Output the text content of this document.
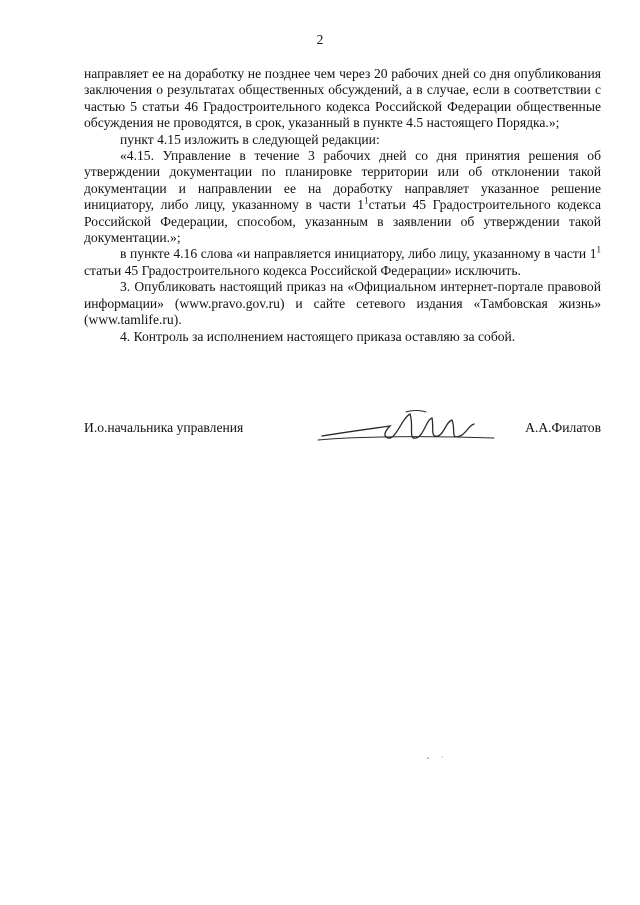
2

направляет ее на доработку не позднее чем через 20 рабочих дней со дня опубликования заключения о результатах общественных обсуждений, а в случае, если в соответствии с частью 5 статьи 46 Градостроительного кодекса Российской Федерации общественные обсуждения не проводятся, в срок, указанный в пункте 4.5 настоящего Порядка.»;

пункт 4.15 изложить в следующей редакции:

«4.15. Управление в течение 3 рабочих дней со дня принятия решения об утверждении документации по планировке территории или об отклонении такой документации и направлении ее на доработку направляет указанное решение инициатору, либо лицу, указанному в части $1^1статьи$ 45 Градостроительного кодекса Российской Федерации, способом, указанным в заявлении об утверждении такой документации.»;

в пункте 4.16 слова «и направляется инициатору, либо лицу, указанному в части $1^1$ статьи 45 Градостроительного кодекса Российской Федерации» исключить.

3. Опубликовать настоящий приказ на «Официальном интернет-портале правовой информации» (www.pravo.gov.ru) и сайте сетевого издания «Тамбовская жизнь» (www.tamlife.ru).

4. Контроль за исполнением настоящего приказа оставляю за собой.

И.о.начальника управления	А.А.Филатов
